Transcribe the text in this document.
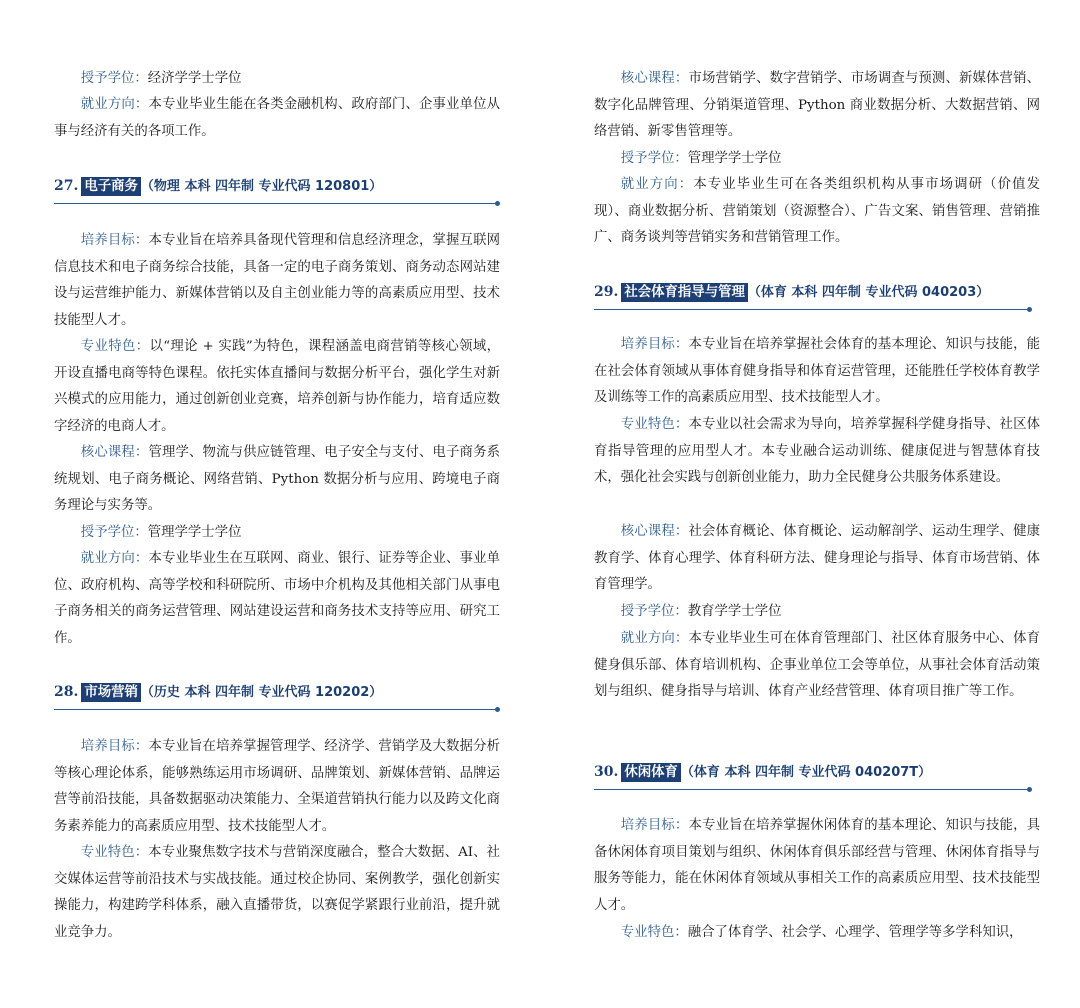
授予学位：经济学学士学位

就业方向：本专业毕业生能在各类金融机构、政府部门、企事业单位从事与经济有关的各项工作。

27. 电子商务 （物理 本科 四年制 专业代码 120801）

培养目标：本专业旨在培养具备现代管理和信息经济理念，掌握互联网信息技术和电子商务综合技能，具备一定的电子商务策划、商务动态网站建设与运营维护能力、新媒体营销以及自主创业能力等的高素质应用型、技术技能型人才。

专业特色：以“理论 + 实践”为特色，课程涵盖电商营销等核心领域，开设直播电商等特色课程。依托实体直播间与数据分析平台，强化学生对新兴模式的应用能力，通过创新创业竞赛，培养创新与协作能力，培育适应数字经济的电商人才。

核心课程：管理学、物流与供应链管理、电子安全与支付、电子商务系统规划、电子商务概论、网络营销、Python 数据分析与应用、跨境电子商务理论与实务等。

授予学位：管理学学士学位

就业方向：本专业毕业生在互联网、商业、银行、证券等企业、事业单位、政府机构、高等学校和科研院所、市场中介机构及其他相关部门从事电子商务相关的商务运营管理、网站建设运营和商务技术支持等应用、研究工作。

28. 市场营销 （历史 本科 四年制 专业代码 120202）

培养目标：本专业旨在培养掌握管理学、经济学、营销学及大数据分析等核心理论体系，能够熟练运用市场调研、品牌策划、新媒体营销、品牌运营等前沿技能，具备数据驱动决策能力、全渠道营销执行能力以及跨文化商务素养能力的高素质应用型、技术技能型人才。

专业特色：本专业聚焦数字技术与营销深度融合，整合大数据、AI、社交媒体运营等前沿技术与实战技能。通过校企协同、案例教学，强化创新实操能力，构建跨学科体系，融入直播带货，以赛促学紧跟行业前沿，提升就业竞争力。

核心课程：市场营销学、数字营销学、市场调查与预测、新媒体营销、数字化品牌管理、分销渠道管理、Python 商业数据分析、大数据营销、网络营销、新零售管理等。

授予学位：管理学学士学位

就业方向：本专业毕业生可在各类组织机构从事市场调研（价值发现）、商业数据分析、营销策划（资源整合）、广告文案、销售管理、营销推广、商务谈判等营销实务和营销管理工作。

29. 社会体育指导与管理 （体育 本科 四年制 专业代码 040203）

培养目标：本专业旨在培养掌握社会体育的基本理论、知识与技能，能在社会体育领域从事体育健身指导和体育运营管理，还能胜任学校体育教学及训练等工作的高素质应用型、技术技能型人才。

专业特色：本专业以社会需求为导向，培养掌握科学健身指导、社区体育指导管理的应用型人才。本专业融合运动训练、健康促进与智慧体育技术，强化社会实践与创新创业能力，助力全民健身公共服务体系建设。

核心课程：社会体育概论、体育概论、运动解剖学、运动生理学、健康教育学、体育心理学、体育科研方法、健身理论与指导、体育市场营销、体育管理学。

授予学位：教育学学士学位

就业方向：本专业毕业生可在体育管理部门、社区体育服务中心、体育健身俱乐部、体育培训机构、企事业单位工会等单位，从事社会体育活动策划与组织、健身指导与培训、体育产业经营管理、体育项目推广等工作。

30. 休闲体育 （体育 本科 四年制 专业代码 040207T）

培养目标：本专业旨在培养掌握休闲体育的基本理论、知识与技能，具备休闲体育项目策划与组织、休闲体育俱乐部经营与管理、休闲体育指导与服务等能力，能在休闲体育领域从事相关工作的高素质应用型、技术技能型人才。

专业特色：融合了体育学、社会学、心理学、管理学等多学科知识，
